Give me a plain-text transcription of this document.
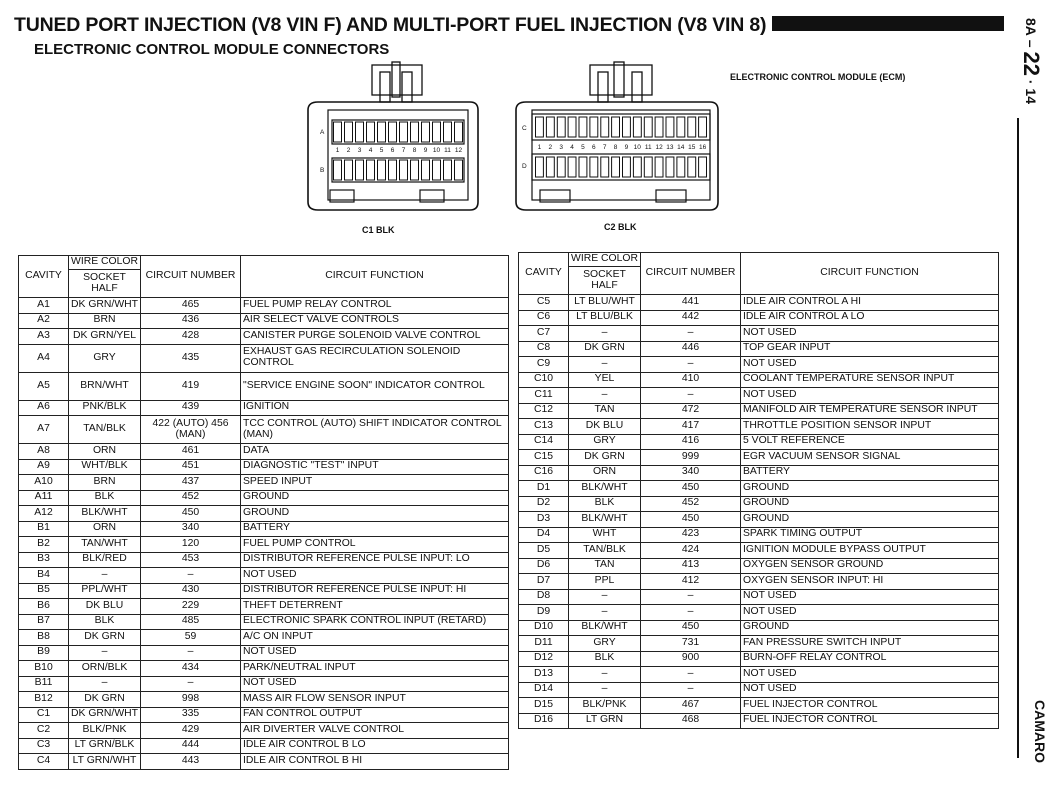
TUNED PORT INJECTION (V8 VIN F) AND MULTI-PORT FUEL INJECTION (V8 VIN 8)
ELECTRONIC CONTROL MODULE CONNECTORS
8A – 22 · 14
CAMARO
ELECTRONIC CONTROL MODULE (ECM)
A
B
1 2 3 4 5 6 7 8 9 10 11 12
C1 BLK
C
D
1 2 3 4 5 6 7 8 9 10 11 12 13 14 15 16
C2 BLK
CAVITY	WIRE COLOR	CIRCUIT NUMBER	CIRCUIT FUNCTION
	SOCKET HALF		
A1	DK GRN/WHT	465	FUEL PUMP RELAY CONTROL
A2	BRN	436	AIR SELECT VALVE CONTROLS
A3	DK GRN/YEL	428	CANISTER PURGE SOLENOID VALVE CONTROL
A4	GRY	435	EXHAUST GAS RECIRCULATION SOLENOID CONTROL
A5	BRN/WHT	419	"SERVICE ENGINE SOON" INDICATOR CONTROL
A6	PNK/BLK	439	IGNITION
A7	TAN/BLK	422 (AUTO) 456 (MAN)	TCC CONTROL (AUTO) SHIFT INDICATOR CONTROL (MAN)
A8	ORN	461	DATA
A9	WHT/BLK	451	DIAGNOSTIC "TEST" INPUT
A10	BRN	437	SPEED INPUT
A11	BLK	452	GROUND
A12	BLK/WHT	450	GROUND
B1	ORN	340	BATTERY
B2	TAN/WHT	120	FUEL PUMP CONTROL
B3	BLK/RED	453	DISTRIBUTOR REFERENCE PULSE INPUT: LO
B4	–	–	NOT USED
B5	PPL/WHT	430	DISTRIBUTOR REFERENCE PULSE INPUT: HI
B6	DK BLU	229	THEFT DETERRENT
B7	BLK	485	ELECTRONIC SPARK CONTROL INPUT (RETARD)
B8	DK GRN	59	A/C ON INPUT
B9	–	–	NOT USED
B10	ORN/BLK	434	PARK/NEUTRAL INPUT
B11	–	–	NOT USED
B12	DK GRN	998	MASS AIR FLOW SENSOR INPUT
C1	DK GRN/WHT	335	FAN CONTROL OUTPUT
C2	BLK/PNK	429	AIR DIVERTER VALVE CONTROL
C3	LT GRN/BLK	444	IDLE AIR CONTROL B LO
C4	LT GRN/WHT	443	IDLE AIR CONTROL B HI
CAVITY	WIRE COLOR	CIRCUIT NUMBER	CIRCUIT FUNCTION
	SOCKET HALF		
C5	LT BLU/WHT	441	IDLE AIR CONTROL A HI
C6	LT BLU/BLK	442	IDLE AIR CONTROL A LO
C7	–	–	NOT USED
C8	DK GRN	446	TOP GEAR INPUT
C9	–	–	NOT USED
C10	YEL	410	COOLANT TEMPERATURE SENSOR INPUT
C11	–	–	NOT USED
C12	TAN	472	MANIFOLD AIR TEMPERATURE SENSOR INPUT
C13	DK BLU	417	THROTTLE POSITION SENSOR INPUT
C14	GRY	416	5 VOLT REFERENCE
C15	DK GRN	999	EGR VACUUM SENSOR SIGNAL
C16	ORN	340	BATTERY
D1	BLK/WHT	450	GROUND
D2	BLK	452	GROUND
D3	BLK/WHT	450	GROUND
D4	WHT	423	SPARK TIMING OUTPUT
D5	TAN/BLK	424	IGNITION MODULE BYPASS OUTPUT
D6	TAN	413	OXYGEN SENSOR GROUND
D7	PPL	412	OXYGEN SENSOR INPUT: HI
D8	–	–	NOT USED
D9	–	–	NOT USED
D10	BLK/WHT	450	GROUND
D11	GRY	731	FAN PRESSURE SWITCH INPUT
D12	BLK	900	BURN-OFF RELAY CONTROL
D13	–	–	NOT USED
D14	–	–	NOT USED
D15	BLK/PNK	467	FUEL INJECTOR CONTROL
D16	LT GRN	468	FUEL INJECTOR CONTROL
